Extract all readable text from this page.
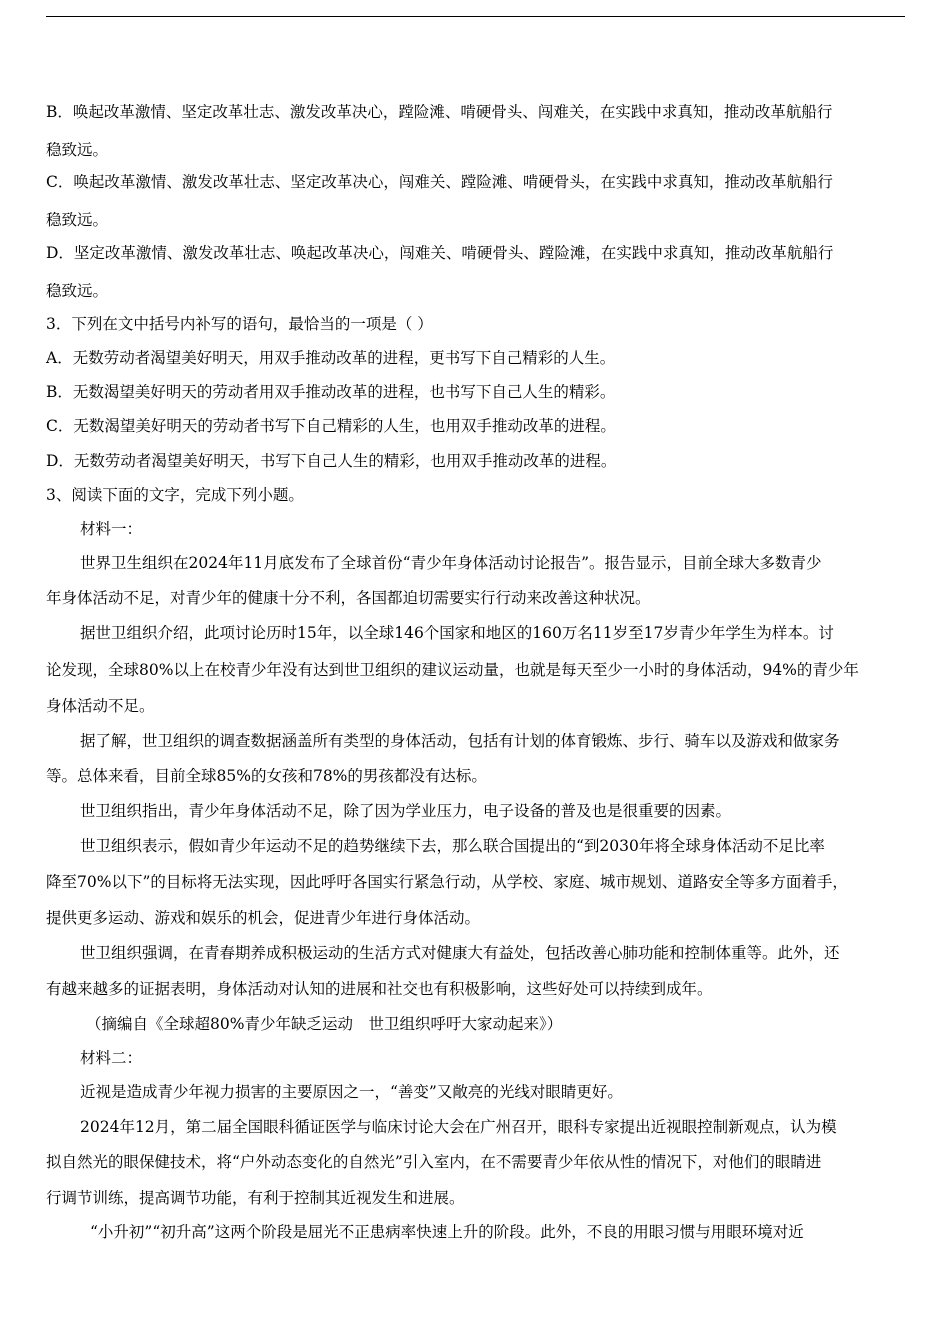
B．唤起改革激情、坚定改革壮志、激发改革决心，蹚险滩、啃硬骨头、闯难关，在实践中求真知，推动改革航船行
稳致远。
C．唤起改革激情、激发改革壮志、坚定改革决心，闯难关、蹚险滩、啃硬骨头，在实践中求真知，推动改革航船行
稳致远。
D．坚定改革激情、激发改革壮志、唤起改革决心，闯难关、啃硬骨头、蹚险滩，在实践中求真知，推动改革航船行
稳致远。
3．下列在文中括号内补写的语句，最恰当的一项是（ ）
A．无数劳动者渴望美好明天，用双手推动改革的进程，更书写下自己精彩的人生。
B．无数渴望美好明天的劳动者用双手推动改革的进程，也书写下自己人生的精彩。
C．无数渴望美好明天的劳动者书写下自己精彩的人生，也用双手推动改革的进程。
D．无数劳动者渴望美好明天，书写下自己人生的精彩，也用双手推动改革的进程。
3、阅读下面的文字，完成下列小题。
材料一：
世界卫生组织在2024年11月底发布了全球首份“青少年身体活动讨论报告”。报告显示，目前全球大多数青少
年身体活动不足，对青少年的健康十分不利，各国都迫切需要实行行动来改善这种状况。
据世卫组织介绍，此项讨论历时15年，以全球146个国家和地区的160万名11岁至17岁青少年学生为样本。讨
论发现，全球80%以上在校青少年没有达到世卫组织的建议运动量，也就是每天至少一小时的身体活动，94%的青少年
身体活动不足。
据了解，世卫组织的调查数据涵盖所有类型的身体活动，包括有计划的体育锻炼、步行、骑车以及游戏和做家务
等。总体来看，目前全球85%的女孩和78%的男孩都没有达标。
世卫组织指出，青少年身体活动不足，除了因为学业压力，电子设备的普及也是很重要的因素。
世卫组织表示，假如青少年运动不足的趋势继续下去，那么联合国提出的“到2030年将全球身体活动不足比率
降至70%以下”的目标将无法实现，因此呼吁各国实行紧急行动，从学校、家庭、城市规划、道路安全等多方面着手，
提供更多运动、游戏和娱乐的机会，促进青少年进行身体活动。
世卫组织强调，在青春期养成积极运动的生活方式对健康大有益处，包括改善心肺功能和控制体重等。此外，还
有越来越多的证据表明，身体活动对认知的进展和社交也有积极影响，这些好处可以持续到成年。
（摘编自《全球超80%青少年缺乏运动　世卫组织呼吁大家动起来》）
材料二：
近视是造成青少年视力损害的主要原因之一，“善变”又敞亮的光线对眼睛更好。
2024年12月，第二届全国眼科循证医学与临床讨论大会在广州召开，眼科专家提出近视眼控制新观点，认为模
拟自然光的眼保健技术，将“户外动态变化的自然光”引入室内，在不需要青少年依从性的情况下，对他们的眼睛进
行调节训练，提高调节功能，有利于控制其近视发生和进展。
“小升初”“初升高”这两个阶段是屈光不正患病率快速上升的阶段。此外，不良的用眼习惯与用眼环境对近
